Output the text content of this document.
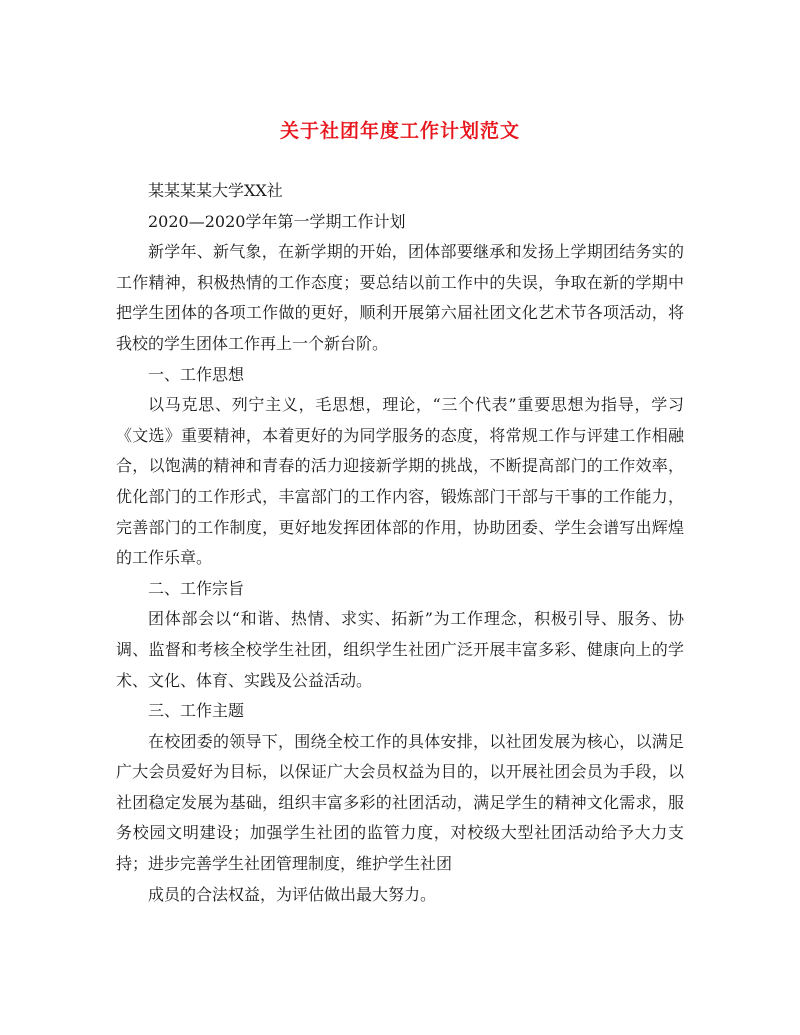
关于社团年度工作计划范文

某某某某大学XX社

2020—2020学年第一学期工作计划

新学年、新气象，在新学期的开始，团体部要继承和发扬上学期团结务实的工作精神，积极热情的工作态度；要总结以前工作中的失误，争取在新的学期中把学生团体的各项工作做的更好，顺利开展第六届社团文化艺术节各项活动，将我校的学生团体工作再上一个新台阶。

一、工作思想

以马克思、列宁主义，毛思想，理论，“三个代表”重要思想为指导，学习《文选》重要精神，本着更好的为同学服务的态度，将常规工作与评建工作相融合，以饱满的精神和青春的活力迎接新学期的挑战，不断提高部门的工作效率，优化部门的工作形式，丰富部门的工作内容，锻炼部门干部与干事的工作能力，完善部门的工作制度，更好地发挥团体部的作用，协助团委、学生会谱写出辉煌的工作乐章。

二、工作宗旨

团体部会以“和谐、热情、求实、拓新”为工作理念，积极引导、服务、协调、监督和考核全校学生社团，组织学生社团广泛开展丰富多彩、健康向上的学术、文化、体育、实践及公益活动。

三、工作主题

在校团委的领导下，围绕全校工作的具体安排，以社团发展为核心，以满足广大会员爱好为目标，以保证广大会员权益为目的，以开展社团会员为手段，以社团稳定发展为基础，组织丰富多彩的社团活动，满足学生的精神文化需求，服务校园文明建设；加强学生社团的监管力度，对校级大型社团活动给予大力支持；进步完善学生社团管理制度，维护学生社团

成员的合法权益，为评估做出最大努力。
